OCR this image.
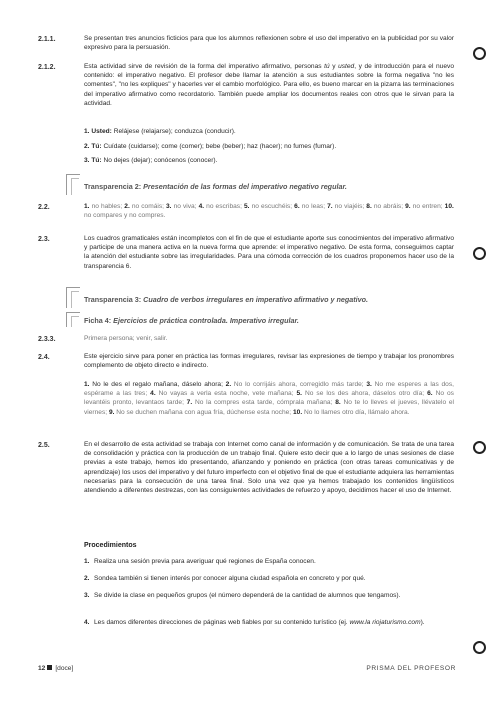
2.1.1.	Se presentan tres anuncios ficticios para que los alumnos reflexionen sobre el uso del imperativo en la publicidad por su valor expresivo para la persuasión.
2.1.2.	Esta actividad sirve de revisión de la forma del imperativo afirmativo, personas tú y usted, y de introducción para el nuevo contenido: el imperativo negativo. El profesor debe llamar la atención a sus estudiantes sobre la forma negativa "no les comentes", "no les expliques" y hacerles ver el cambio morfológico. Para ello, es bueno marcar en la pizarra las terminaciones del imperativo afirmativo como recordatorio. También puede ampliar los documentos reales con otros que le sirvan para la actividad.
1. Usted: Relájese (relajarse); conduzca (conducir).
2. Tú: Cuídate (cuidarse); come (comer); bebe (beber); haz (hacer); no fumes (fumar).
3. Tú: No dejes (dejar); conócenos (conocer).
Transparencia 2: Presentación de las formas del imperativo negativo regular.
2.2.	1. no hables; 2. no comáis; 3. no viva; 4. no escribas; 5. no escuchéis; 6. no leas; 7. no viajéis; 8. no abráis; 9. no entren; 10. no compares y no compres.
2.3.	Los cuadros gramaticales están incompletos con el fin de que el estudiante aporte sus conocimientos del imperativo afirmativo y participe de una manera activa en la nueva forma que aprende: el imperativo negativo. De esta forma, conseguimos captar la atención del estudiante sobre las irregularidades. Para una cómoda corrección de los cuadros proponemos hacer uso de la transparencia 6.
Transparencia 3: Cuadro de verbos irregulares en imperativo afirmativo y negativo.
Ficha 4: Ejercicios de práctica controlada. Imperativo irregular.
2.3.3.	Primera persona; venir, salir.
2.4.	Este ejercicio sirve para poner en práctica las formas irregulares, revisar las expresiones de tiempo y trabajar los pronombres complemento de objeto directo e indirecto.
1. No le des el regalo mañana, dáselo ahora; 2. No lo corrijáis ahora, corregidlo más tarde; 3. No me esperes a las dos, espérame a las tres; 4. No vayas a verla esta noche, vete mañana; 5. No se los des ahora, dáselos otro día; 6. No os levantéis pronto, levantaos tarde; 7. No la compres esta tarde, cómprala mañana; 8. No te lo lleves el jueves, llévatelo el viernes; 9. No se duchen mañana con agua fría, dúchense esta noche; 10. No lo llames otro día, llámalo ahora.
2.5.	En el desarrollo de esta actividad se trabaja con Internet como canal de información y de comunicación. Se trata de una tarea de consolidación y práctica con la producción de un trabajo final. Quiere esto decir que a lo largo de unas sesiones de clase previas a este trabajo, hemos ido presentando, afianzando y poniendo en práctica (con otras tareas comunicativas y de aprendizaje) los usos del imperativo y del futuro imperfecto con el objetivo final de que el estudiante adquiera las herramientas necesarias para la consecución de una tarea final. Solo una vez que ya hemos trabajado los contenidos lingüísticos atendiendo a diferentes destrezas, con las consiguientes actividades de refuerzo y apoyo, decidimos hacer el uso de Internet.
Procedimientos
1. Realiza una sesión previa para averiguar qué regiones de España conocen.
2. Sondea también si tienen interés por conocer alguna ciudad española en concreto y por qué.
3. Se divide la clase en pequeños grupos (el número dependerá de la cantidad de alumnos que tengamos).
4. Les damos diferentes direcciones de páginas web fiables por su contenido turístico (ej. www.la riojaturismo.com).
12 [doce]	PRISMA DEL PROFESOR
